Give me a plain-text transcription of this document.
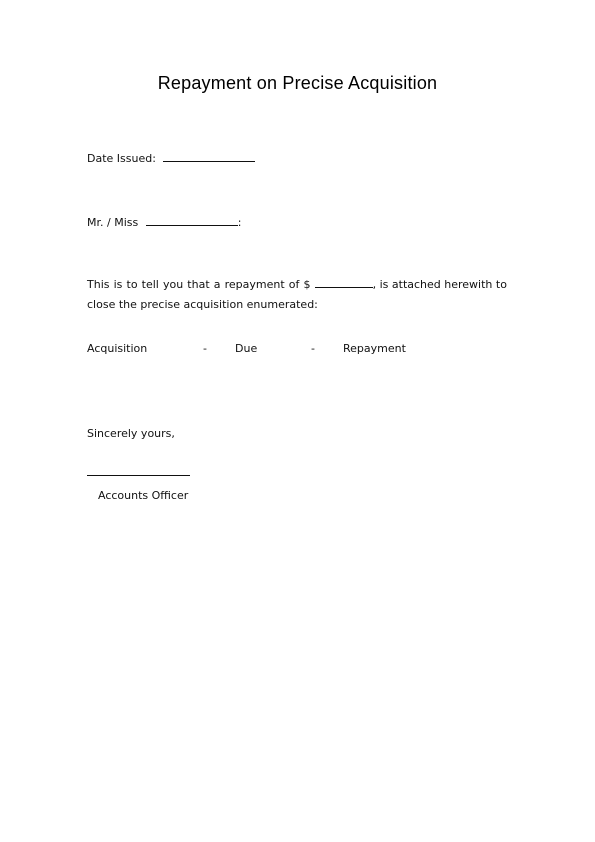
Repayment on Precise Acquisition
Date Issued:
Mr. / Miss	:
This is to tell you that a repayment of $	, is attached herewith to
close the precise acquisition enumerated:
Acquisition	-	Due	-	Repayment
Sincerely yours,
Accounts Officer
